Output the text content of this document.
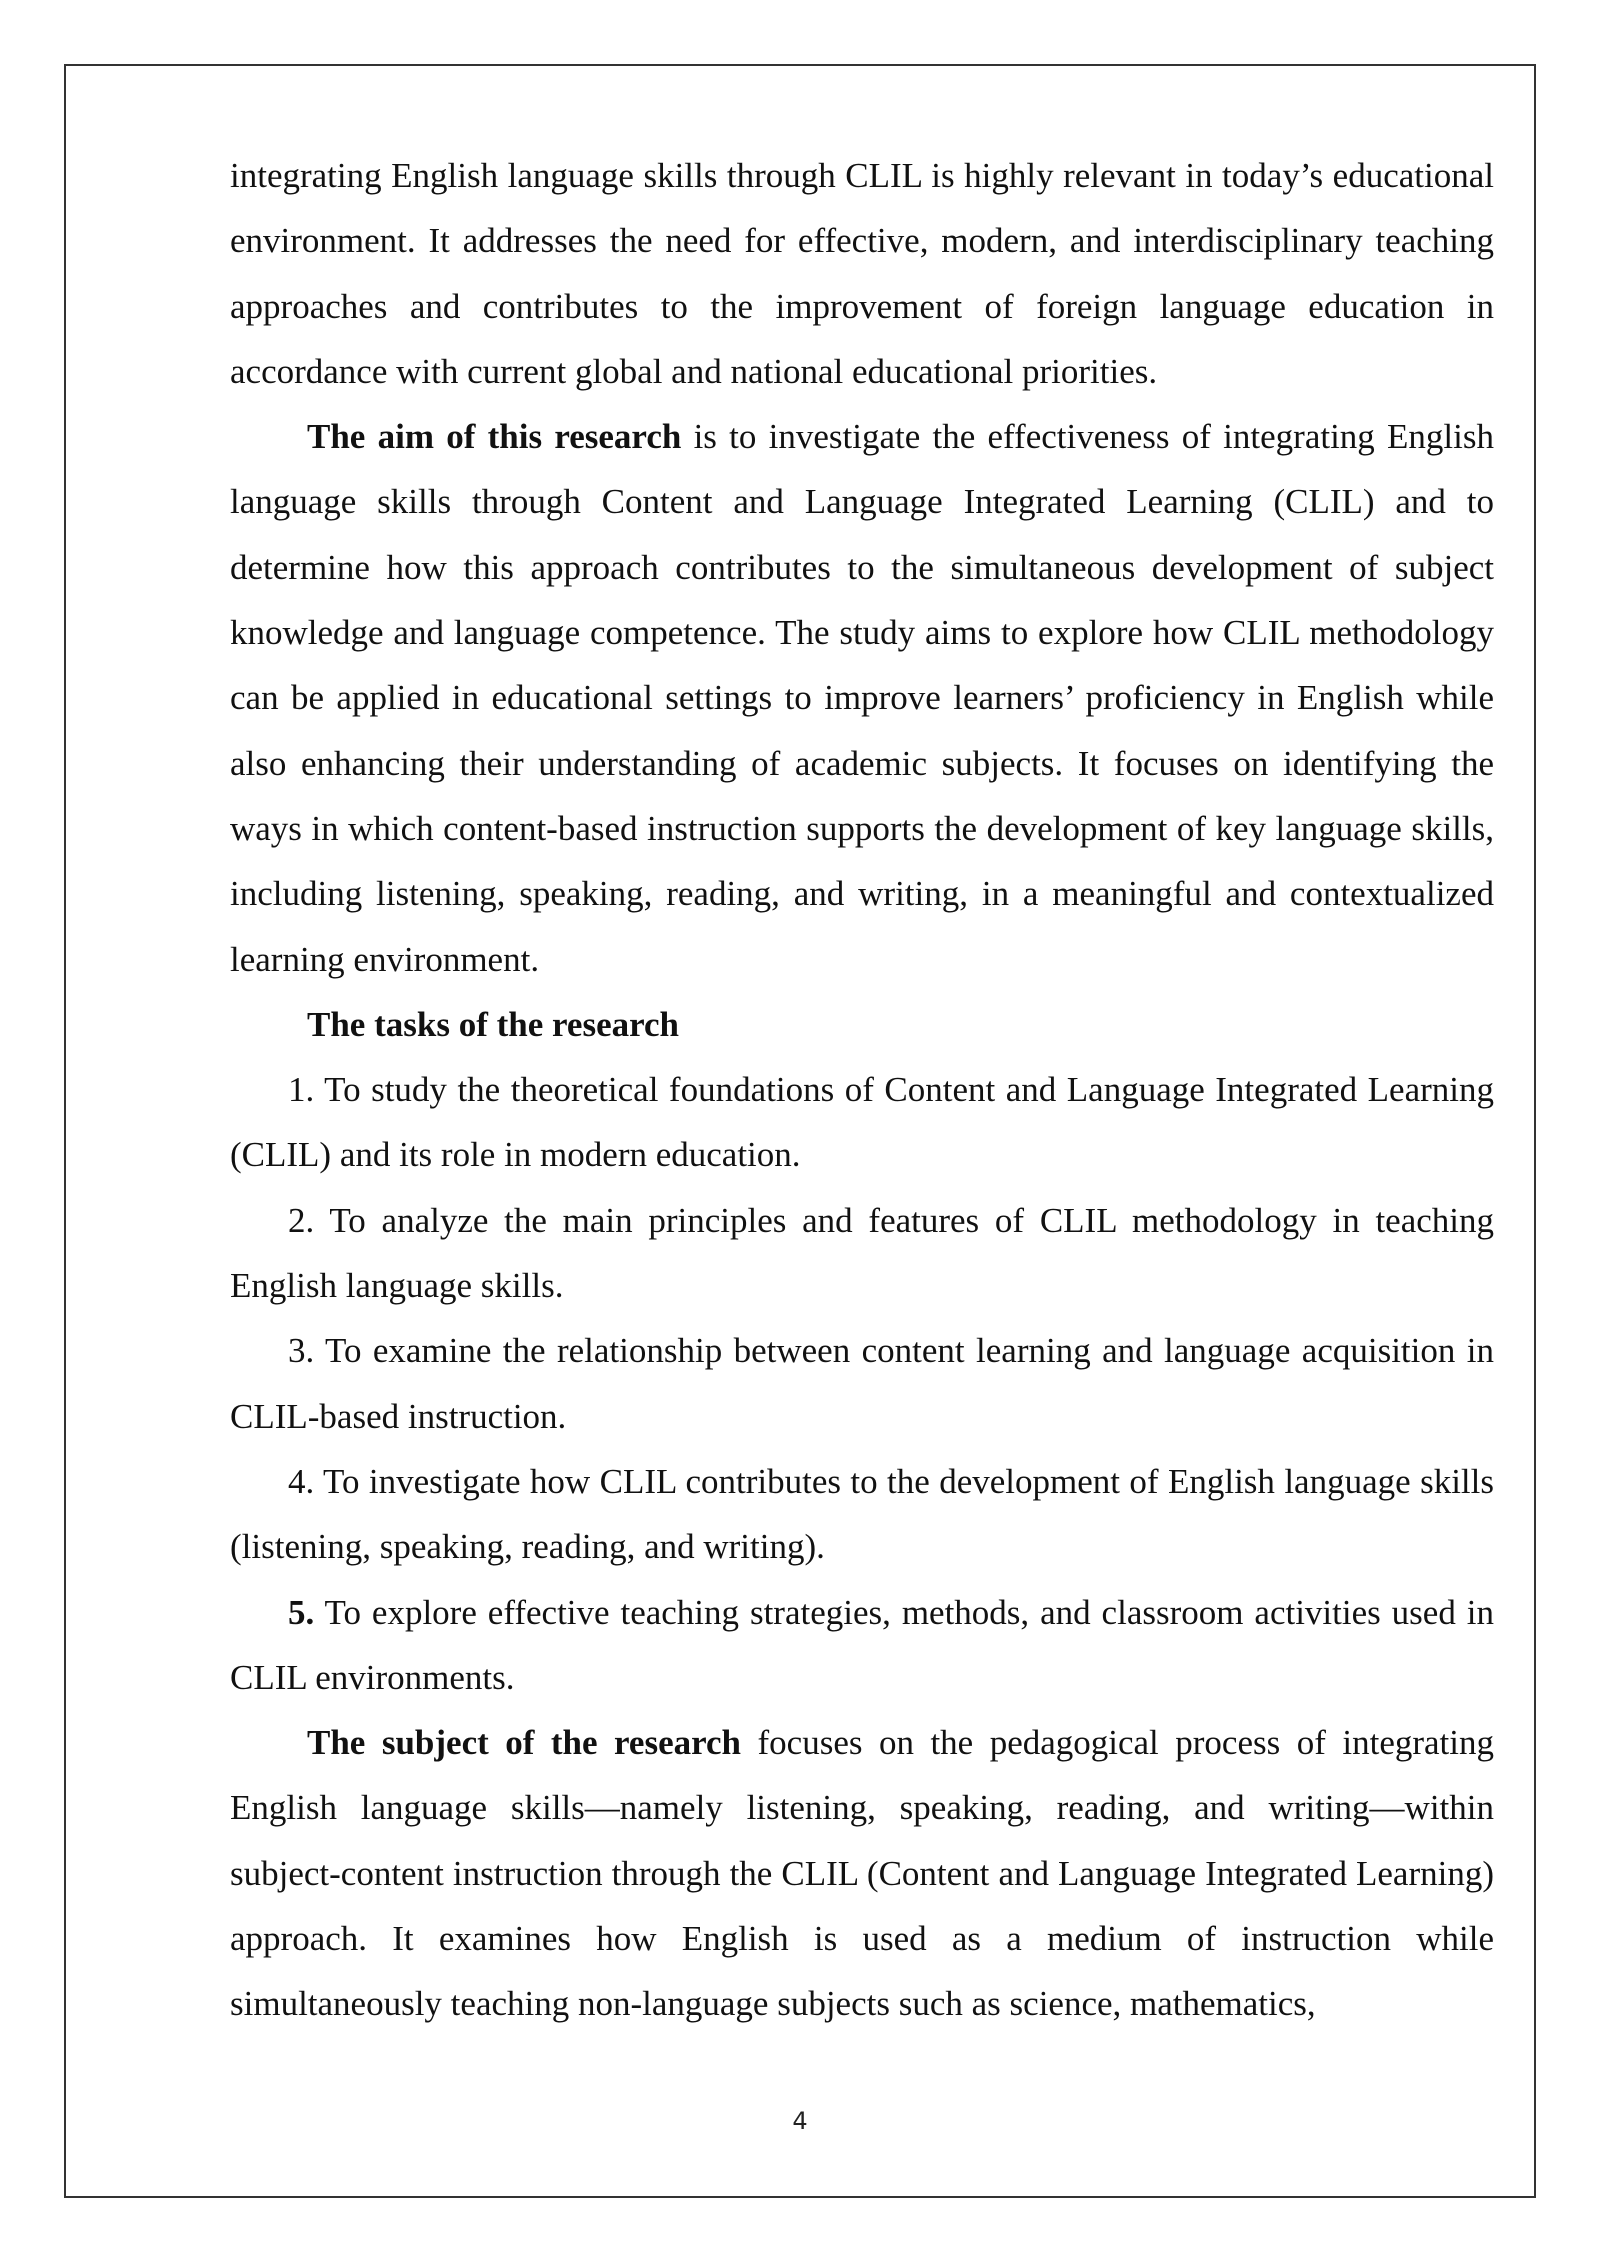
integrating English language skills through CLIL is highly relevant in today’s educational environment. It addresses the need for effective, modern, and interdisciplinary teaching approaches and contributes to the improvement of foreign language education in accordance with current global and national educational priorities.

The aim of this research is to investigate the effectiveness of integrating English language skills through Content and Language Integrated Learning (CLIL) and to determine how this approach contributes to the simultaneous development of subject knowledge and language competence. The study aims to explore how CLIL methodology can be applied in educational settings to improve learners’ proficiency in English while also enhancing their understanding of academic subjects. It focuses on identifying the ways in which content-based instruction supports the development of key language skills, including listening, speaking, reading, and writing, in a meaningful and contextualized learning environment.

The tasks of the research

1. To study the theoretical foundations of Content and Language Integrated Learning (CLIL) and its role in modern education.

2. To analyze the main principles and features of CLIL methodology in teaching English language skills.

3. To examine the relationship between content learning and language acquisition in CLIL-based instruction.

4. To investigate how CLIL contributes to the development of English language skills (listening, speaking, reading, and writing).

5. To explore effective teaching strategies, methods, and classroom activities used in CLIL environments.

The subject of the research focuses on the pedagogical process of integrating English language skills—namely listening, speaking, reading, and writing—within subject-content instruction through the CLIL (Content and Language Integrated Learning) approach. It examines how English is used as a medium of instruction while simultaneously teaching non-language subjects such as science, mathematics,

4
